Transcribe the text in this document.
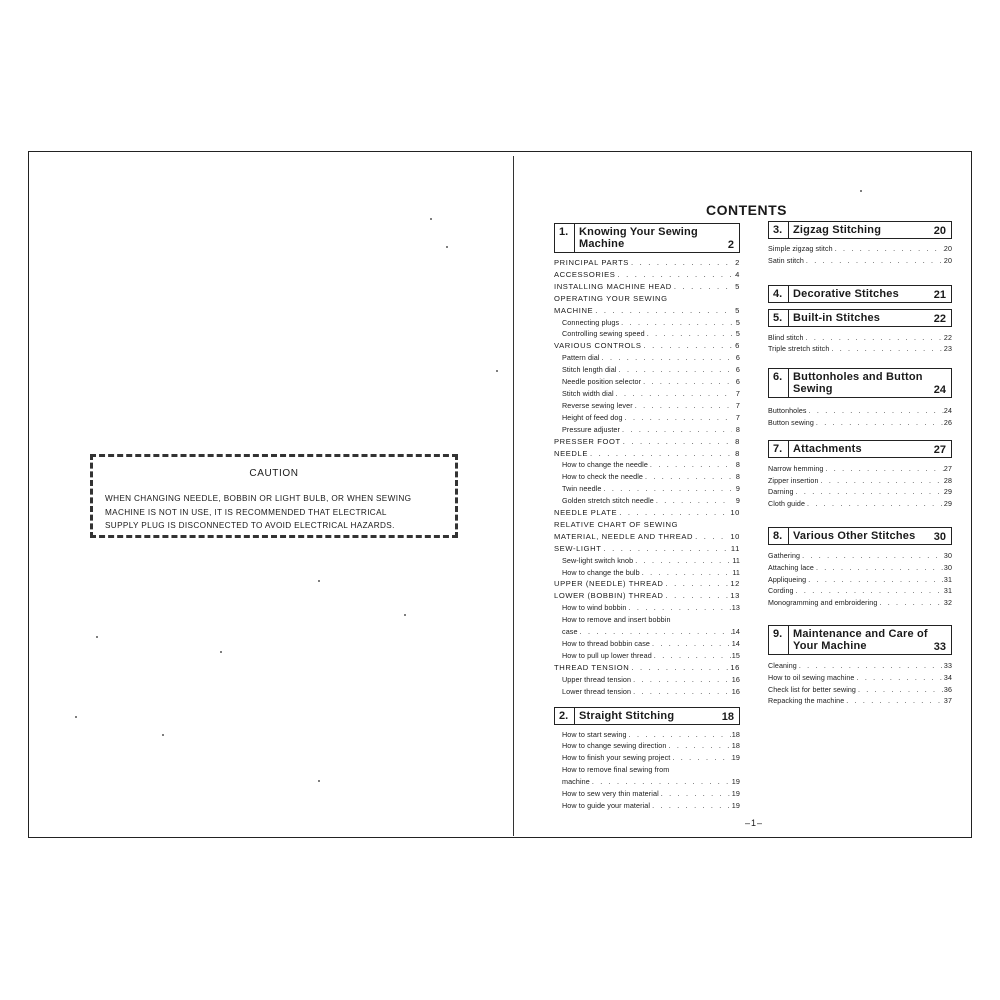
CAUTION
WHEN CHANGING NEEDLE, BOBBIN OR LIGHT BULB, OR WHEN SEWING
MACHINE IS NOT IN USE, IT IS RECOMMENDED THAT ELECTRICAL
SUPPLY PLUG IS DISCONNECTED TO AVOID ELECTRICAL HAZARDS.
CONTENTS
1. Knowing Your Sewing Machine	2
PRINCIPAL PARTS . . .	2
ACCESSORIES . . .	4
INSTALLING MACHINE HEAD . . .	5
OPERATING YOUR SEWING
MACHINE . . .	5
Connecting plugs . . .	5
Controlling sewing speed . . .	5
VARIOUS CONTROLS . . .	6
Pattern dial . . .	6
Stitch length dial . . .	6
Needle position selector . . .	6
Stitch width dial . . .	7
Reverse sewing lever . . .	7
Height of feed dog . . .	7
Pressure adjuster . . .	8
PRESSER FOOT . . .	8
NEEDLE . . .	8
How to change the needle . . .	8
How to check the needle . . .	8
Twin needle . . .	9
Golden stretch stitch needle . . .	9
NEEDLE PLATE . . .	10
RELATIVE CHART OF SEWING
MATERIAL, NEEDLE AND THREAD . . .	10
SEW-LIGHT . . .	11
Sew-light switch knob . . .	11
How to change the bulb . . .	11
UPPER (NEEDLE) THREAD . . .	12
LOWER (BOBBIN) THREAD . . .	13
How to wind bobbin . . .	13
How to remove and insert bobbin
case . . .	14
How to thread bobbin case . . .	14
How to pull up lower thread . . .	15
THREAD TENSION . . .	16
Upper thread tension . . .	16
Lower thread tension . . .	16
2. Straight Stitching	18
How to start sewing . . .	18
How to change sewing direction . . .	18
How to finish your sewing project . . .	19
How to remove final sewing from
machine . . .	19
How to sew very thin material . . .	19
How to guide your material . . .	19
3. Zigzag Stitching	20
Simple zigzag stitch . . .	20
Satin stitch . . .	20
4. Decorative Stitches	21
5. Built-in Stitches	22
Blind stitch . . .	22
Triple stretch stitch . . .	23
6. Buttonholes and Button Sewing	24
Buttonholes . . .	24
Button sewing . . .	26
7. Attachments	27
Narrow hemming . . .	27
Zipper insertion . . .	28
Darning . . .	29
Cloth guide . . .	29
8. Various Other Stitches	30
Gathering . . .	30
Attaching lace . . .	30
Appliqueing . . .	31
Cording . . .	31
Monogramming and embroidering . . .	32
9. Maintenance and Care of Your Machine	33
Cleaning . . .	33
How to oil sewing machine . . .	34
Check list for better sewing . . .	36
Repacking the machine . . .	37
–1–
